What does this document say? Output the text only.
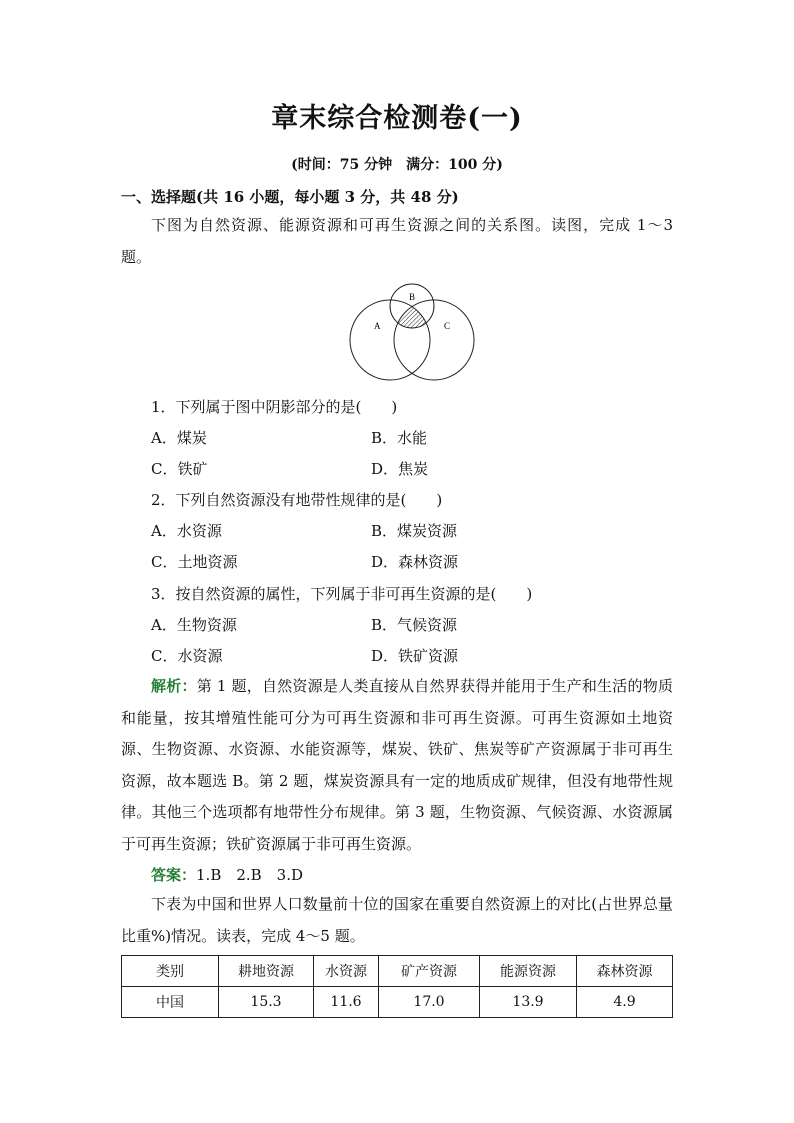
章末综合检测卷(一)
(时间：75 分钟　满分：100 分)
一、选择题(共 16 小题，每小题 3 分，共 48 分)
下图为自然资源、能源资源和可再生资源之间的关系图。读图，完成 1～3 题。
A
B
C
1．下列属于图中阴影部分的是(　　)
A．煤炭	B．水能
C．铁矿	D．焦炭
2．下列自然资源没有地带性规律的是(　　)
A．水资源	B．煤炭资源
C．土地资源	D．森林资源
3．按自然资源的属性，下列属于非可再生资源的是(　　)
A．生物资源	B．气候资源
C．水资源	D．铁矿资源
解析：第 1 题，自然资源是人类直接从自然界获得并能用于生产和生活的物质和能量，按其增殖性能可分为可再生资源和非可再生资源。可再生资源如土地资源、生物资源、水资源、水能资源等，煤炭、铁矿、焦炭等矿产资源属于非可再生资源，故本题选 B。第 2 题，煤炭资源具有一定的地质成矿规律，但没有地带性规律。其他三个选项都有地带性分布规律。第 3 题，生物资源、气候资源、水资源属于可再生资源；铁矿资源属于非可再生资源。
答案：1.B　2.B　3.D
下表为中国和世界人口数量前十位的国家在重要自然资源上的对比(占世界总量比重%)情况。读表，完成 4～5 题。
类别	耕地资源	水资源	矿产资源	能源资源	森林资源
中国	15.3	11.6	17.0	13.9	4.9
